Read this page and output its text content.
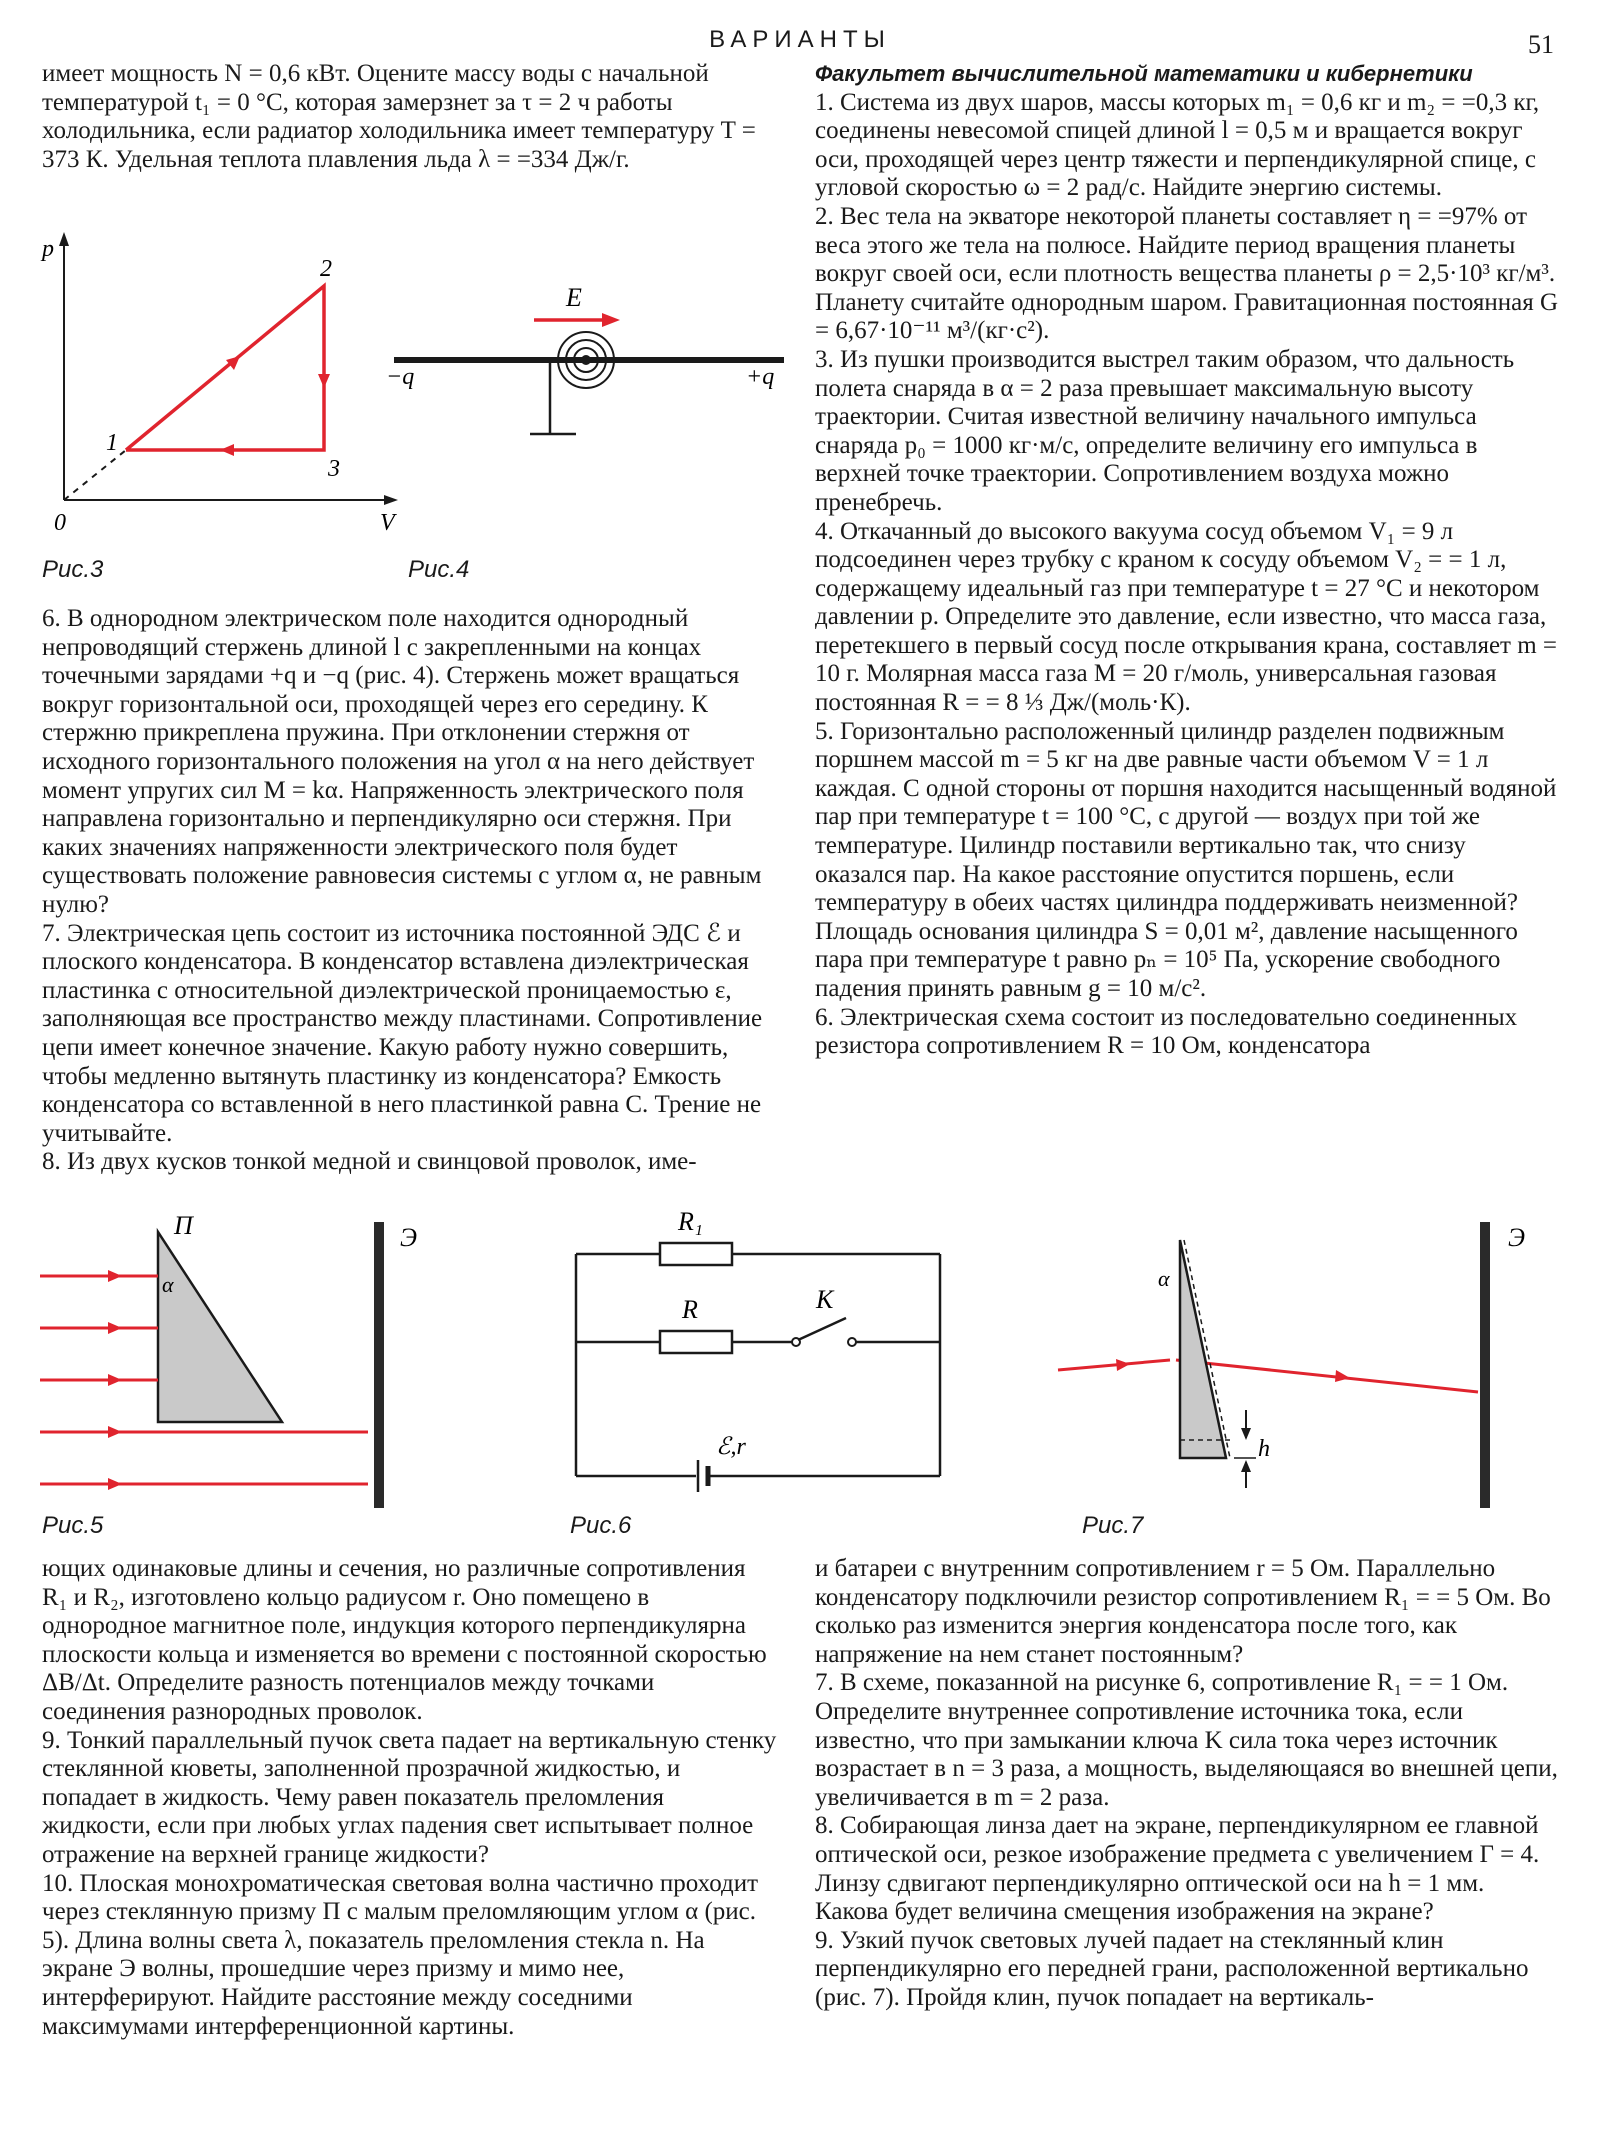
ВАРИАНТЫ	51

имеет мощность N = 0,6 кВт. Оцените массу воды с начальной температурой t₁ = 0 °С, которая замерзнет за τ = 2 ч работы холодильника, если радиатор холодильника имеет температуру T = 373 К. Удельная теплота плавления льда λ = =334 Дж/г.

p
V
0
1
2
3
Рис.3
E
−q	+q
Рис.4

6. В однородном электрическом поле находится однородный непроводящий стержень длиной l с закрепленными на концах точечными зарядами +q и −q (рис. 4). Стержень может вращаться вокруг горизонтальной оси, проходящей через его середину. К стержню прикреплена пружина. При отклонении стержня от исходного горизонтального положения на угол α на него действует момент упругих сил M = kα. Напряженность электрического поля направлена горизонтально и перпендикулярно оси стержня. При каких значениях напряженности электрического поля будет существовать положение равновесия системы с углом α, не равным нулю?

7. Электрическая цепь состоит из источника постоянной ЭДС ℰ и плоского конденсатора. В конденсатор вставлена диэлектрическая пластинка с относительной диэлектрической проницаемостью ε, заполняющая все пространство между пластинами. Сопротивление цепи имеет конечное значение. Какую работу нужно совершить, чтобы медленно вытянуть пластинку из конденсатора? Емкость конденсатора со вставленной в него пластинкой равна C. Трение не учитывайте.

8. Из двух кусков тонкой медной и свинцовой проволок, име-

Факультет вычислительной математики и кибернетики

1. Система из двух шаров, массы которых m₁ = 0,6 кг и m₂ = =0,3 кг, соединены невесомой спицей длиной l = 0,5 м и вращается вокруг оси, проходящей через центр тяжести и перпендикулярной спице, с угловой скоростью ω = 2 рад/с. Найдите энергию системы.

2. Вес тела на экваторе некоторой планеты составляет η = =97% от веса этого же тела на полюсе. Найдите период вращения планеты вокруг своей оси, если плотность вещества планеты ρ = 2,5·10³ кг/м³. Планету считайте однородным шаром. Гравитационная постоянная G = 6,67·10⁻¹¹ м³/(кг·с²).

3. Из пушки производится выстрел таким образом, что дальность полета снаряда в α = 2 раза превышает максимальную высоту траектории. Считая известной величину начального импульса снаряда p₀ = 1000 кг·м/с, определите величину его импульса в верхней точке траектории. Сопротивлением воздуха можно пренебречь.

4. Откачанный до высокого вакуума сосуд объемом V₁ = 9 л подсоединен через трубку с краном к сосуду объемом V₂ = = 1 л, содержащему идеальный газ при температуре t = 27 °С и некотором давлении p. Определите это давление, если известно, что масса газа, перетекшего в первый сосуд после открывания крана, составляет m = 10 г. Молярная масса газа M = 20 г/моль, универсальная газовая постоянная R = = 8 ⅓ Дж/(моль·К).

5. Горизонтально расположенный цилиндр разделен подвижным поршнем массой m = 5 кг на две равные части объемом V = 1 л каждая. С одной стороны от поршня находится насыщенный водяной пар при температуре t = 100 °С, с другой — воздух при той же температуре. Цилиндр поставили вертикально так, что снизу оказался пар. На какое расстояние опустится поршень, если температуру в обеих частях цилиндра поддерживать неизменной? Площадь основания цилиндра S = 0,01 м², давление насыщенного пара при температуре t равно pₙ = 10⁵ Па, ускорение свободного падения принять равным g = 10 м/с².

6. Электрическая схема состоит из последовательно соединенных резистора сопротивлением R = 10 Ом, конденсатора

П
α
Э
Рис.5
R₁
R	K
ℰ,r
Рис.6
α
h
Э
Рис.7

ющих одинаковые длины и сечения, но различные сопротивления R₁ и R₂, изготовлено кольцо радиусом r. Оно помещено в однородное магнитное поле, индукция которого перпендикулярна плоскости кольца и изменяется во времени с постоянной скоростью ΔB/Δt. Определите разность потенциалов между точками соединения разнородных проволок.

9. Тонкий параллельный пучок света падает на вертикальную стенку стеклянной кюветы, заполненной прозрачной жидкостью, и попадает в жидкость. Чему равен показатель преломления жидкости, если при любых углах падения свет испытывает полное отражение на верхней границе жидкости?

10. Плоская монохроматическая световая волна частично проходит через стеклянную призму П с малым преломляющим углом α (рис. 5). Длина волны света λ, показатель преломления стекла n. На экране Э волны, прошедшие через призму и мимо нее, интерферируют. Найдите расстояние между соседними максимумами интерференционной картины.

и батареи с внутренним сопротивлением r = 5 Ом. Параллельно конденсатору подключили резистор сопротивлением R₁ = = 5 Ом. Во сколько раз изменится энергия конденсатора после того, как напряжение на нем станет постоянным?

7. В схеме, показанной на рисунке 6, сопротивление R₁ = = 1 Ом. Определите внутреннее сопротивление источника тока, если известно, что при замыкании ключа K сила тока через источник возрастает в n = 3 раза, а мощность, выделяющаяся во внешней цепи, увеличивается в m = 2 раза.

8. Собирающая линза дает на экране, перпендикулярном ее главной оптической оси, резкое изображение предмета с увеличением Г = 4. Линзу сдвигают перпендикулярно оптической оси на h = 1 мм. Какова будет величина смещения изображения на экране?

9. Узкий пучок световых лучей падает на стеклянный клин перпендикулярно его передней грани, расположенной вертикально (рис. 7). Пройдя клин, пучок попадает на вертикаль-
